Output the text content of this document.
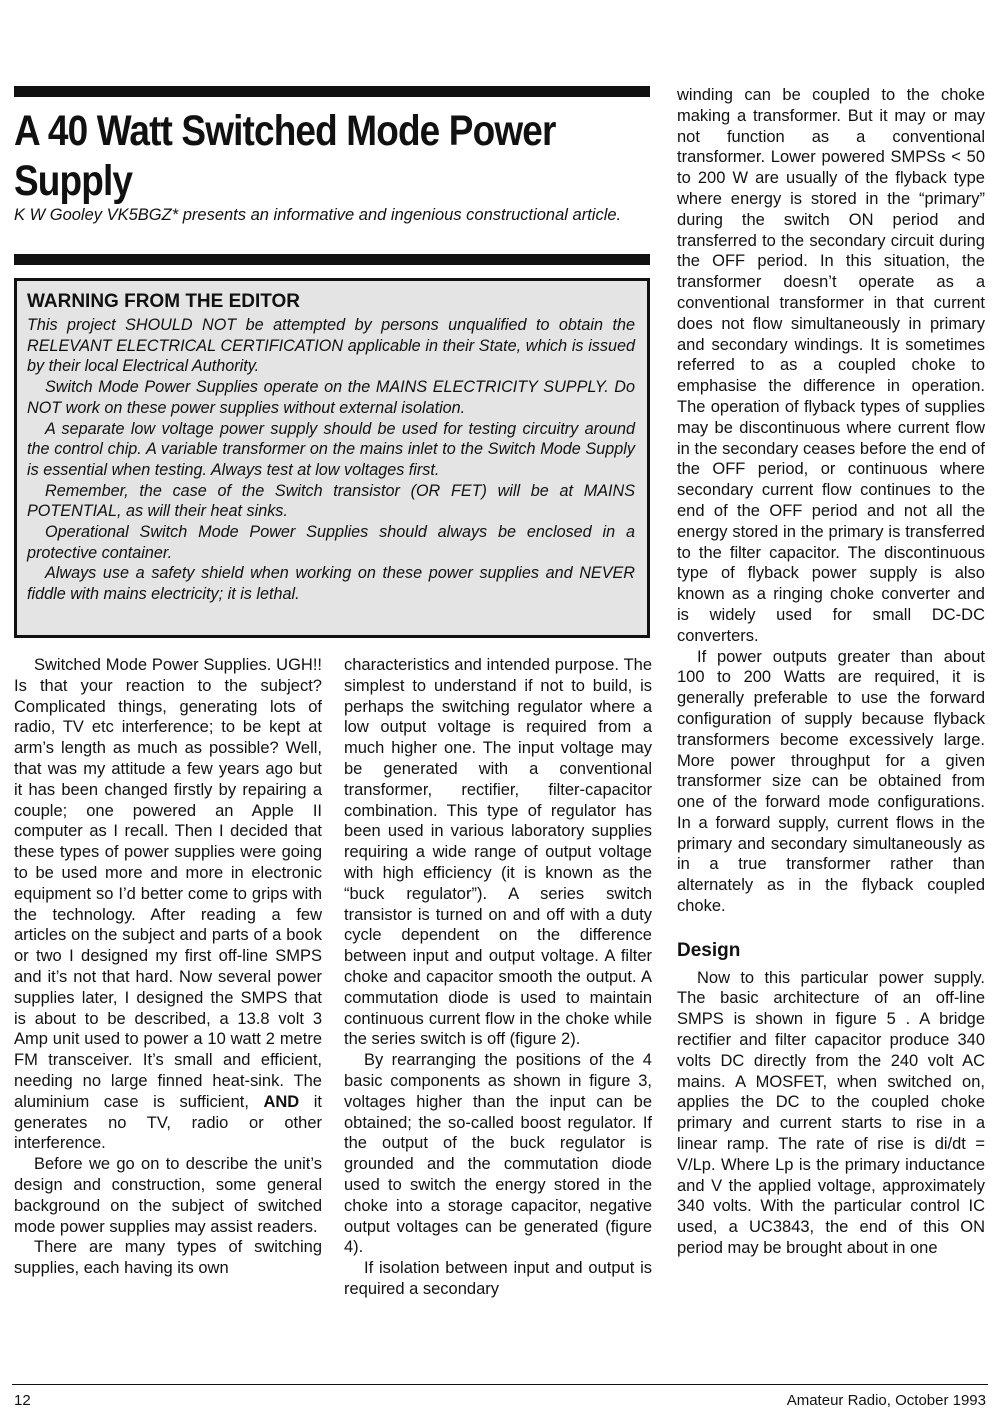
A 40 Watt Switched Mode Power Supply

K W Gooley VK5BGZ* presents an informative and ingenious constructional article.

WARNING FROM THE EDITOR

This project SHOULD NOT be attempted by persons unqualified to obtain the RELEVANT ELECTRICAL CERTIFICATION applicable in their State, which is issued by their local Electrical Authority.

Switch Mode Power Supplies operate on the MAINS ELECTRICITY SUPPLY. Do NOT work on these power supplies without external isolation.

A separate low voltage power supply should be used for testing circuitry around the control chip. A variable transformer on the mains inlet to the Switch Mode Supply is essential when testing. Always test at low voltages first.

Remember, the case of the Switch transistor (OR FET) will be at MAINS POTENTIAL, as will their heat sinks.

Operational Switch Mode Power Supplies should always be enclosed in a protective container.

Always use a safety shield when working on these power supplies and NEVER fiddle with mains electricity; it is lethal.

Switched Mode Power Supplies. UGH!! Is that your reaction to the subject? Complicated things, generating lots of radio, TV etc interference; to be kept at arm’s length as much as possible? Well, that was my attitude a few years ago but it has been changed firstly by repairing a couple; one powered an Apple II computer as I recall. Then I decided that these types of power supplies were going to be used more and more in electronic equipment so I’d better come to grips with the technology. After reading a few articles on the subject and parts of a book or two I designed my first off-line SMPS and it’s not that hard. Now several power supplies later, I designed the SMPS that is about to be described, a 13.8 volt 3 Amp unit used to power a 10 watt 2 metre FM transceiver. It’s small and efficient, needing no large finned heat-sink. The aluminium case is sufficient, AND it generates no TV, radio or other interference.

Before we go on to describe the unit’s design and construction, some general background on the subject of switched mode power supplies may assist readers.

There are many types of switching supplies, each having its own

characteristics and intended purpose. The simplest to understand if not to build, is perhaps the switching regulator where a low output voltage is required from a much higher one. The input voltage may be generated with a conventional transformer, rectifier, filter-capacitor combination. This type of regulator has been used in various laboratory supplies requiring a wide range of output voltage with high efficiency (it is known as the “buck regulator”). A series switch transistor is turned on and off with a duty cycle dependent on the difference between input and output voltage. A filter choke and capacitor smooth the output. A commutation diode is used to maintain continuous current flow in the choke while the series switch is off (figure 2).

By rearranging the positions of the 4 basic components as shown in figure 3, voltages higher than the input can be obtained; the so-called boost regulator. If the output of the buck regulator is grounded and the commutation diode used to switch the energy stored in the choke into a storage capacitor, negative output voltages can be generated (figure 4).

If isolation between input and output is required a secondary

winding can be coupled to the choke making a transformer. But it may or may not function as a conventional transformer. Lower powered SMPSs < 50 to 200 W are usually of the flyback type where energy is stored in the “primary” during the switch ON period and transferred to the secondary circuit during the OFF period. In this situation, the transformer doesn’t operate as a conventional transformer in that current does not flow simultaneously in primary and secondary windings. It is sometimes referred to as a coupled choke to emphasise the difference in operation. The operation of flyback types of supplies may be discontinuous where current flow in the secondary ceases before the end of the OFF period, or continuous where secondary current flow continues to the end of the OFF period and not all the energy stored in the primary is transferred to the filter capacitor. The discontinuous type of flyback power supply is also known as a ringing choke converter and is widely used for small DC-DC converters.

If power outputs greater than about 100 to 200 Watts are required, it is generally preferable to use the forward configuration of supply because flyback transformers become excessively large. More power throughput for a given transformer size can be obtained from one of the forward mode configurations. In a forward supply, current flows in the primary and secondary simultaneously as in a true transformer rather than alternately as in the flyback coupled choke.

Design

Now to this particular power supply. The basic architecture of an off-line SMPS is shown in figure 5 . A bridge rectifier and filter capacitor produce 340 volts DC directly from the 240 volt AC mains. A MOSFET, when switched on, applies the DC to the coupled choke primary and current starts to rise in a linear ramp. The rate of rise is di/dt = V/Lp. Where Lp is the primary inductance and V the applied voltage, approximately 340 volts. With the particular control IC used, a UC3843, the end of this ON period may be brought about in one

12	Amateur Radio, October 1993
